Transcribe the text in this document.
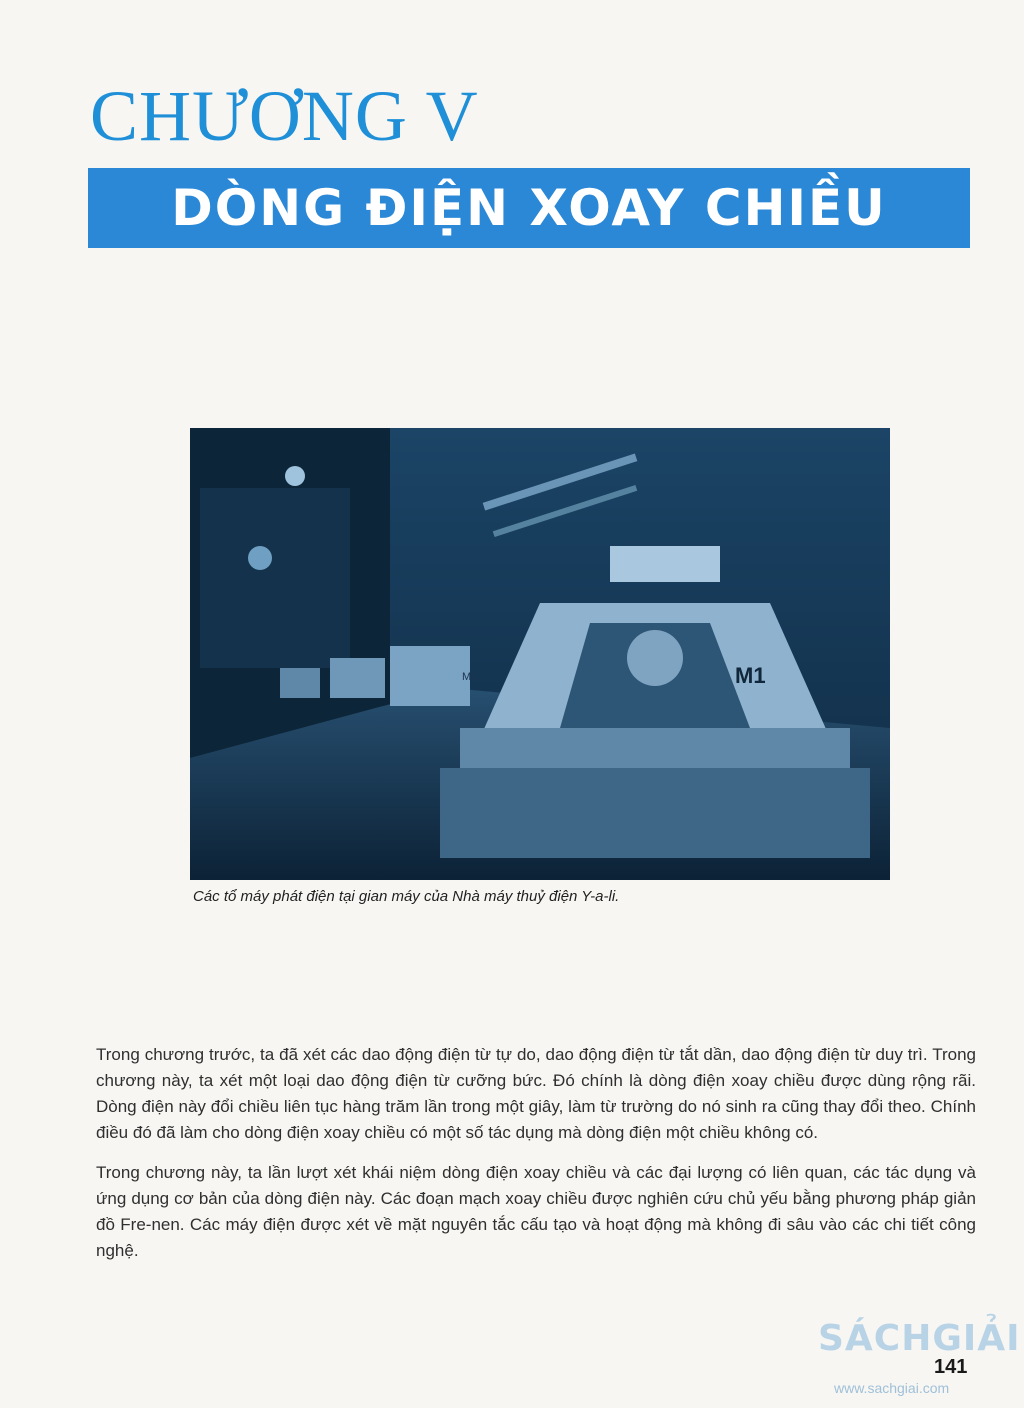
CHƯƠNG V
DÒNG ĐIỆN XOAY CHIỀU
M2	M1
Các tổ máy phát điện tại gian máy của Nhà máy thuỷ điện Y-a-li.

Trong chương trước, ta đã xét các dao động điện từ tự do, dao động điện từ tắt dần, dao động điện từ duy trì. Trong chương này, ta xét một loại dao động điện từ cưỡng bức. Đó chính là dòng điện xoay chiều được dùng rộng rãi. Dòng điện này đổi chiều liên tục hàng trăm lần trong một giây, làm từ trường do nó sinh ra cũng thay đổi theo. Chính điều đó đã làm cho dòng điện xoay chiều có một số tác dụng mà dòng điện một chiều không có.

Trong chương này, ta lần lượt xét khái niệm dòng điện xoay chiều và các đại lượng có liên quan, các tác dụng và ứng dụng cơ bản của dòng điện này. Các đoạn mạch xoay chiều được nghiên cứu chủ yếu bằng phương pháp giản đồ Fre-nen. Các máy điện được xét về mặt nguyên tắc cấu tạo và hoạt động mà không đi sâu vào các chi tiết công nghệ.

SÁCHGIẢI
141
www.sachgiai.com
